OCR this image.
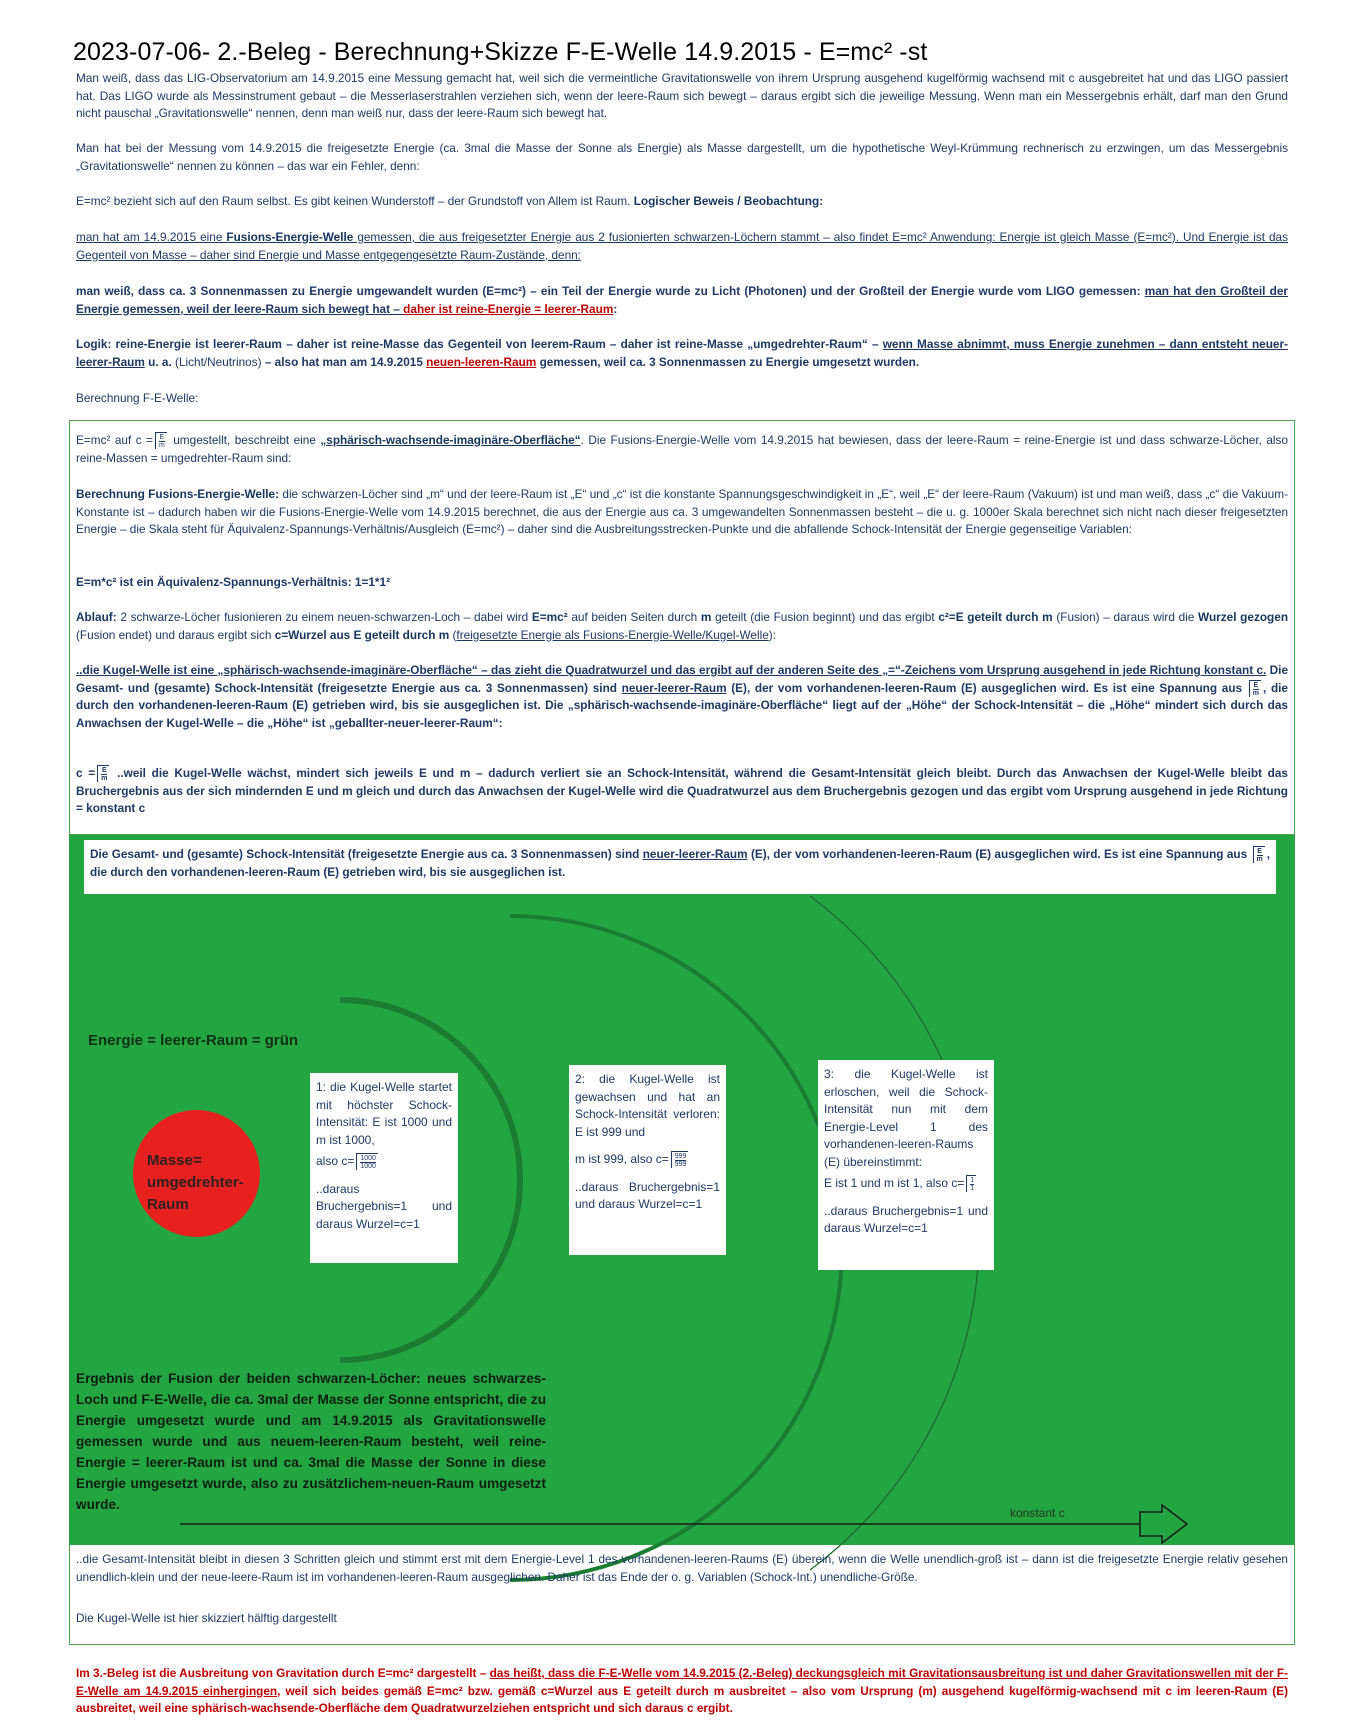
2023-07-06- 2.-Beleg - Berechnung+Skizze F-E-Welle 14.9.2015 - E=mc² -st
Man weiß, dass das LIG-Observatorium am 14.9.2015 eine Messung gemacht hat, weil sich die vermeintliche Gravitationswelle von ihrem Ursprung ausgehend kugelförmig wachsend mit c ausgebreitet hat und das LIGO passiert hat. Das LIGO wurde als Messinstrument gebaut – die Messerlaserstrahlen verziehen sich, wenn der leere-Raum sich bewegt – daraus ergibt sich die jeweilige Messung. Wenn man ein Messergebnis erhält, darf man den Grund nicht pauschal „Gravitationswelle“ nennen, denn man weiß nur, dass der leere-Raum sich bewegt hat.
Man hat bei der Messung vom 14.9.2015 die freigesetzte Energie (ca. 3mal die Masse der Sonne als Energie) als Masse dargestellt, um die hypothetische Weyl-Krümmung rechnerisch zu erzwingen, um das Messergebnis „Gravitationswelle“ nennen zu können – das war ein Fehler, denn:
E=mc² bezieht sich auf den Raum selbst. Es gibt keinen Wunderstoff – der Grundstoff von Allem ist Raum. Logischer Beweis / Beobachtung:
man hat am 14.9.2015 eine Fusions-Energie-Welle gemessen, die aus freigesetzter Energie aus 2 fusionierten schwarzen-Löchern stammt – also findet E=mc² Anwendung: Energie ist gleich Masse (E=mc²). Und Energie ist das Gegenteil von Masse – daher sind Energie und Masse entgegengesetzte Raum-Zustände, denn:
man weiß, dass ca. 3 Sonnenmassen zu Energie umgewandelt wurden (E=mc²) – ein Teil der Energie wurde zu Licht (Photonen) und der Großteil der Energie wurde vom LIGO gemessen: man hat den Großteil der Energie gemessen, weil der leere-Raum sich bewegt hat – daher ist reine-Energie = leerer-Raum:
Logik: reine-Energie ist leerer-Raum – daher ist reine-Masse das Gegenteil von leerem-Raum – daher ist reine-Masse „umgedrehter-Raum“ – wenn Masse abnimmt, muss Energie zunehmen – dann entsteht neuer-leerer-Raum u. a. (Licht/Neutrinos) – also hat man am 14.9.2015 neuen-leeren-Raum gemessen, weil ca. 3 Sonnenmassen zu Energie umgesetzt wurden.
Berechnung F-E-Welle:
E=mc² auf $c = \frac{E}{m}$ umgestellt, beschreibt eine „sphärisch-wachsende-imaginäre-Oberfläche“. Die Fusions-Energie-Welle vom 14.9.2015 hat bewiesen, dass der leere-Raum = reine-Energie ist und dass schwarze-Löcher, also reine-Massen = umgedrehter-Raum sind:
Berechnung Fusions-Energie-Welle: die schwarzen-Löcher sind „m“ und der leere-Raum ist „E“ und „c“ ist die konstante Spannungsgeschwindigkeit in „E“, weil „E“ der leere-Raum (Vakuum) ist und man weiß, dass „c“ die Vakuum-Konstante ist – dadurch haben wir die Fusions-Energie-Welle vom 14.9.2015 berechnet, die aus der Energie aus ca. 3 umgewandelten Sonnenmassen besteht – die u. g. 1000er Skala berechnet sich nicht nach dieser freigesetzten Energie – die Skala steht für Äquivalenz-Spannungs-Verhältnis/Ausgleich (E=mc²) – daher sind die Ausbreitungsstrecken-Punkte und die abfallende Schock-Intensität der Energie gegenseitige Variablen:
E=m*c² ist ein Äquivalenz-Spannungs-Verhältnis: 1=1*1²
Ablauf: 2 schwarze-Löcher fusionieren zu einem neuen-schwarzen-Loch – dabei wird E=mc² auf beiden Seiten durch m geteilt (die Fusion beginnt) und das ergibt c²=E geteilt durch m (Fusion) – daraus wird die Wurzel gezogen (Fusion endet) und daraus ergibt sich c=Wurzel aus E geteilt durch m (freigesetzte Energie als Fusions-Energie-Welle/Kugel-Welle):
..die Kugel-Welle ist eine „sphärisch-wachsende-imaginäre-Oberfläche“ – das zieht die Quadratwurzel und das ergibt auf der anderen Seite des „=“-Zeichens vom Ursprung ausgehend in jede Richtung konstant c. Die Gesamt- und (gesamte) Schock-Intensität (freigesetzte Energie aus ca. 3 Sonnenmassen) sind neuer-leerer-Raum (E), der vom vorhandenen-leeren-Raum (E) ausgeglichen wird. Es ist eine Spannung aus $\frac{E}{m}$ , die durch den vorhandenen-leeren-Raum (E) getrieben wird, bis sie ausgeglichen ist. Die „sphärisch-wachsende-imaginäre-Oberfläche“ liegt auf der „Höhe“ der Schock-Intensität – die „Höhe“ mindert sich durch das Anwachsen der Kugel-Welle – die „Höhe“ ist „geballter-neuer-leerer-Raum“:
$c = \frac{E}{m}$ ..weil die Kugel-Welle wächst, mindert sich jeweils E und m – dadurch verliert sie an Schock-Intensität, während die Gesamt-Intensität gleich bleibt. Durch das Anwachsen der Kugel-Welle bleibt das Bruchergebnis aus der sich mindernden E und m gleich und durch das Anwachsen der Kugel-Welle wird die Quadratwurzel aus dem Bruchergebnis gezogen und das ergibt vom Ursprung ausgehend in jede Richtung = konstant c
Die Gesamt- und (gesamte) Schock-Intensität (freigesetzte Energie aus ca. 3 Sonnenmassen) sind neuer-leerer-Raum (E), der vom vorhandenen-leeren-Raum (E) ausgeglichen wird. Es ist eine Spannung aus $\frac{E}{m}$ , die durch den vorhandenen-leeren-Raum (E) getrieben wird, bis sie ausgeglichen ist.
Energie = leerer-Raum = grün
Masse= umgedrehter-Raum
1: die Kugel-Welle startet mit höchster Schock-Intensität: E ist 1000 und m ist 1000,
also $c= \frac{1000}{1000}$
..daraus Bruchergebnis=1 und daraus Wurzel=c=1
2: die Kugel-Welle ist gewachsen und hat an Schock-Intensität verloren: E ist 999 und
m ist 999, also $c= \frac{999}{999}$
..daraus Bruchergebnis=1 und daraus Wurzel=c=1
3: die Kugel-Welle ist erloschen, weil die Schock-Intensität nun mit dem Energie-Level 1 des vorhandenen-leeren-Raums (E) übereinstimmt:
E ist 1 und m ist 1, also $c= \frac{1}{1}$
..daraus Bruchergebnis=1 und daraus Wurzel=c=1
Ergebnis der Fusion der beiden schwarzen-Löcher: neues schwarzes-Loch und F-E-Welle, die ca. 3mal der Masse der Sonne entspricht, die zu Energie umgesetzt wurde und am 14.9.2015 als Gravitationswelle gemessen wurde und aus neuem-leeren-Raum besteht, weil reine-Energie = leerer-Raum ist und ca. 3mal die Masse der Sonne in diese Energie umgesetzt wurde, also zu zusätzlichem-neuen-Raum umgesetzt wurde.
konstant c
..die Gesamt-Intensität bleibt in diesen 3 Schritten gleich und stimmt erst mit dem Energie-Level 1 des vorhandenen-leeren-Raums (E) überein, wenn die Welle unendlich-groß ist – dann ist die freigesetzte Energie relativ gesehen unendlich-klein und der neue-leere-Raum ist im vorhandenen-leeren-Raum ausgeglichen. Daher ist das Ende der o. g. Variablen (Schock-Int.) unendliche-Größe.
Die Kugel-Welle ist hier skizziert hälftig dargestellt
Im 3.-Beleg ist die Ausbreitung von Gravitation durch E=mc² dargestellt – das heißt, dass die F-E-Welle vom 14.9.2015 (2.-Beleg) deckungsgleich mit Gravitationsausbreitung ist und daher Gravitationswellen mit der F-E-Welle am 14.9.2015 einhergingen, weil sich beides gemäß E=mc² bzw. gemäß c=Wurzel aus E geteilt durch m ausbreitet – also vom Ursprung (m) ausgehend kugelförmig-wachsend mit c im leeren-Raum (E) ausbreitet, weil eine sphärisch-wachsende-Oberfläche dem Quadratwurzelziehen entspricht und sich daraus c ergibt.
